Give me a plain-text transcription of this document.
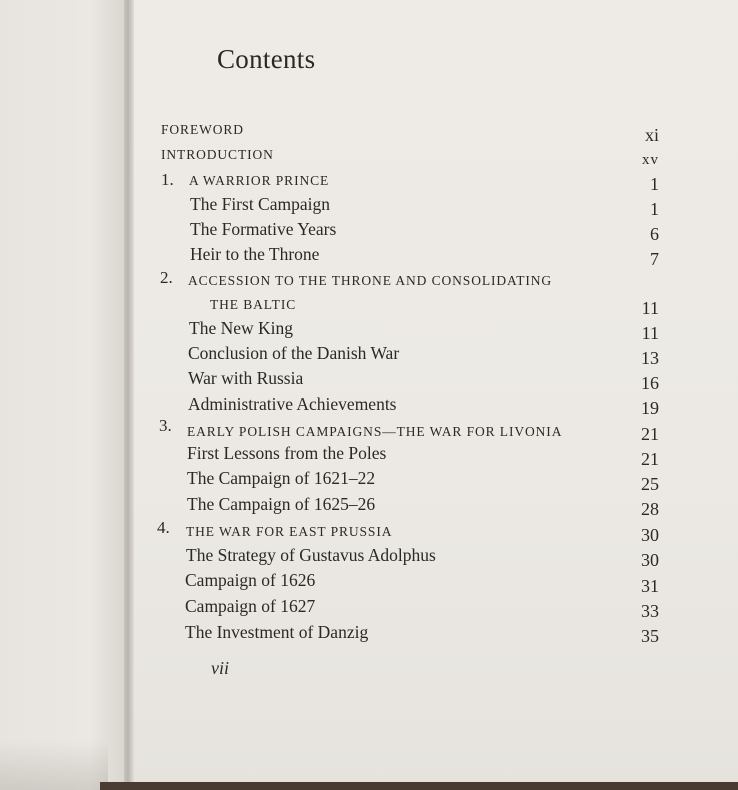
Contents
FOREWORD	xi
INTRODUCTION	xv
1. A WARRIOR PRINCE	1
The First Campaign	1
The Formative Years	6
Heir to the Throne	7
2. ACCESSION TO THE THRONE AND CONSOLIDATING
THE BALTIC	11
The New King	11
Conclusion of the Danish War	13
War with Russia	16
Administrative Achievements	19
3. EARLY POLISH CAMPAIGNS—THE WAR FOR LIVONIA	21
First Lessons from the Poles	21
The Campaign of 1621–22	25
The Campaign of 1625–26	28
4. THE WAR FOR EAST PRUSSIA	30
The Strategy of Gustavus Adolphus	30
Campaign of 1626	31
Campaign of 1627	33
The Investment of Danzig	35
vii
